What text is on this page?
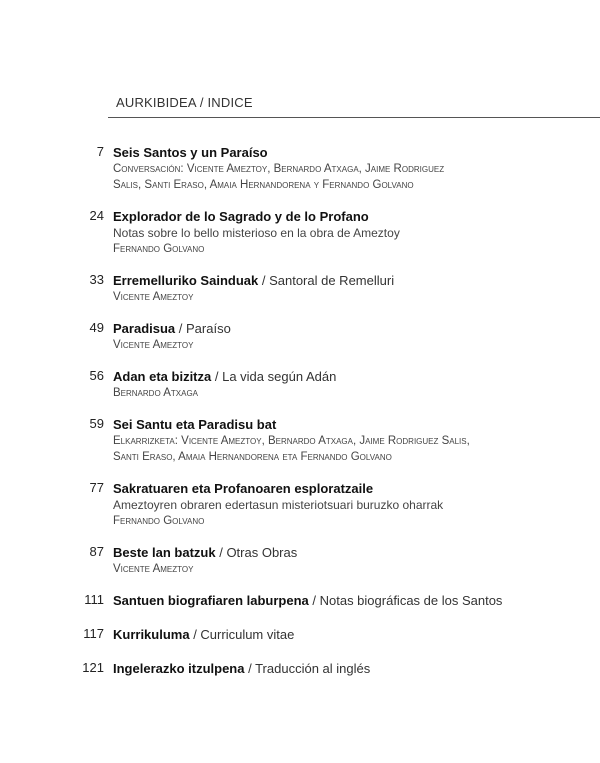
AURKIBIDEA / INDICE
7 Seis Santos y un Paraíso
Conversación: Vicente Ameztoy, Bernardo Atxaga, Jaime Rodriguez
Salis, Santi Eraso, Amaia Hernandorena y Fernando Golvano
24 Explorador de lo Sagrado y de lo Profano
Notas sobre lo bello misterioso en la obra de Ameztoy
Fernando Golvano
33 Erremelluriko Sainduak / Santoral de Remelluri
Vicente Ameztoy
49 Paradisua / Paraíso
Vicente Ameztoy
56 Adan eta bizitza / La vida según Adán
Bernardo Atxaga
59 Sei Santu eta Paradisu bat
Elkarrizketa: Vicente Ameztoy, Bernardo Atxaga, Jaime Rodriguez Salis,
Santi Eraso, Amaia Hernandorena eta Fernando Golvano
77 Sakratuaren eta Profanoaren esploratzaile
Ameztoyren obraren edertasun misteriotsuari buruzko oharrak
Fernando Golvano
87 Beste lan batzuk / Otras Obras
Vicente Ameztoy
111 Santuen biografiaren laburpena / Notas biográficas de los Santos
117 Kurrikuluma / Curriculum vitae
121 Ingelerazko itzulpena / Traducción al inglés
